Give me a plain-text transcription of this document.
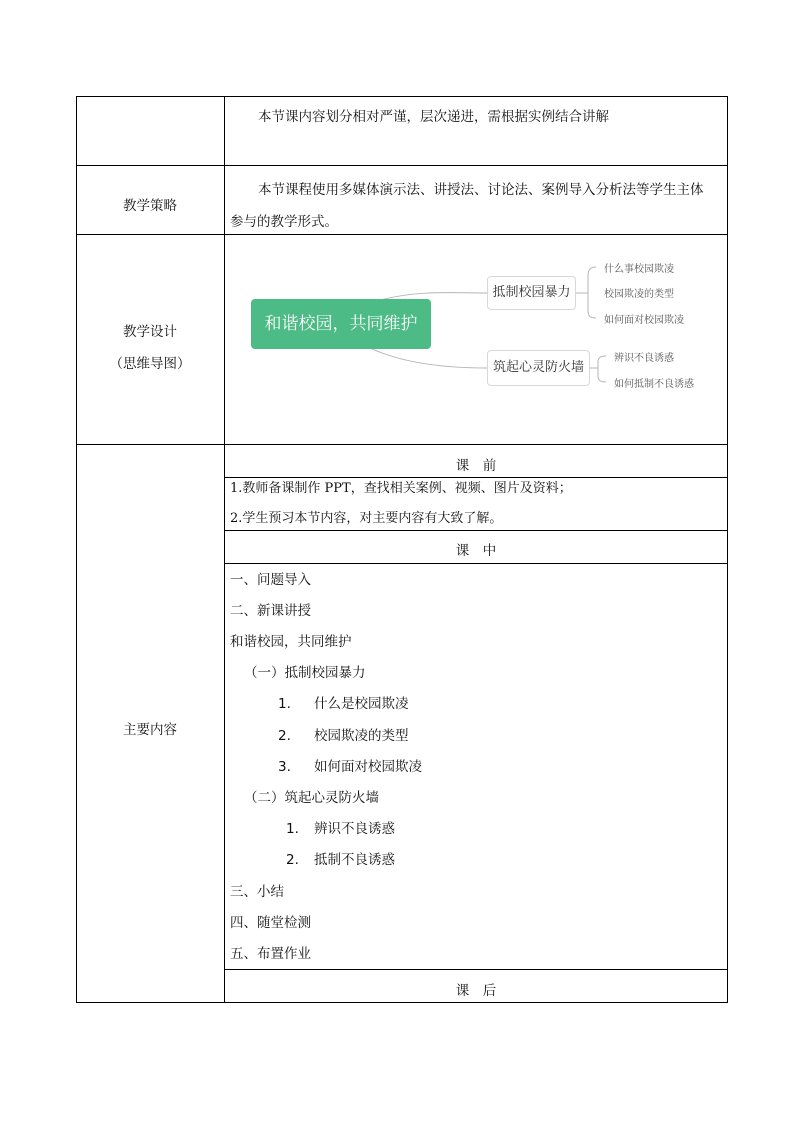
本节课内容划分相对严谨，层次递进，需根据实例结合讲解
教学策略
本节课程使用多媒体演示法、讲授法、讨论法、案例导入分析法等学生主体
参与的教学形式。
教学设计
（思维导图）
和谐校园，共同维护
抵制校园暴力
筑起心灵防火墙
什么事校园欺凌
校园欺凌的类型
如何面对校园欺凌
辨识不良诱惑
如何抵制不良诱惑
主要内容
课　前
1.教师备课制作 PPT，查找相关案例、视频、图片及资料；
2.学生预习本节内容，对主要内容有大致了解。
课　中
一、问题导入
二、新课讲授
和谐校园，共同维护
（一）抵制校园暴力
1. 什么是校园欺凌
2. 校园欺凌的类型
3. 如何面对校园欺凌
（二）筑起心灵防火墙
1. 辨识不良诱惑
2. 抵制不良诱惑
三、小结
四、随堂检测
五、布置作业
课　后
